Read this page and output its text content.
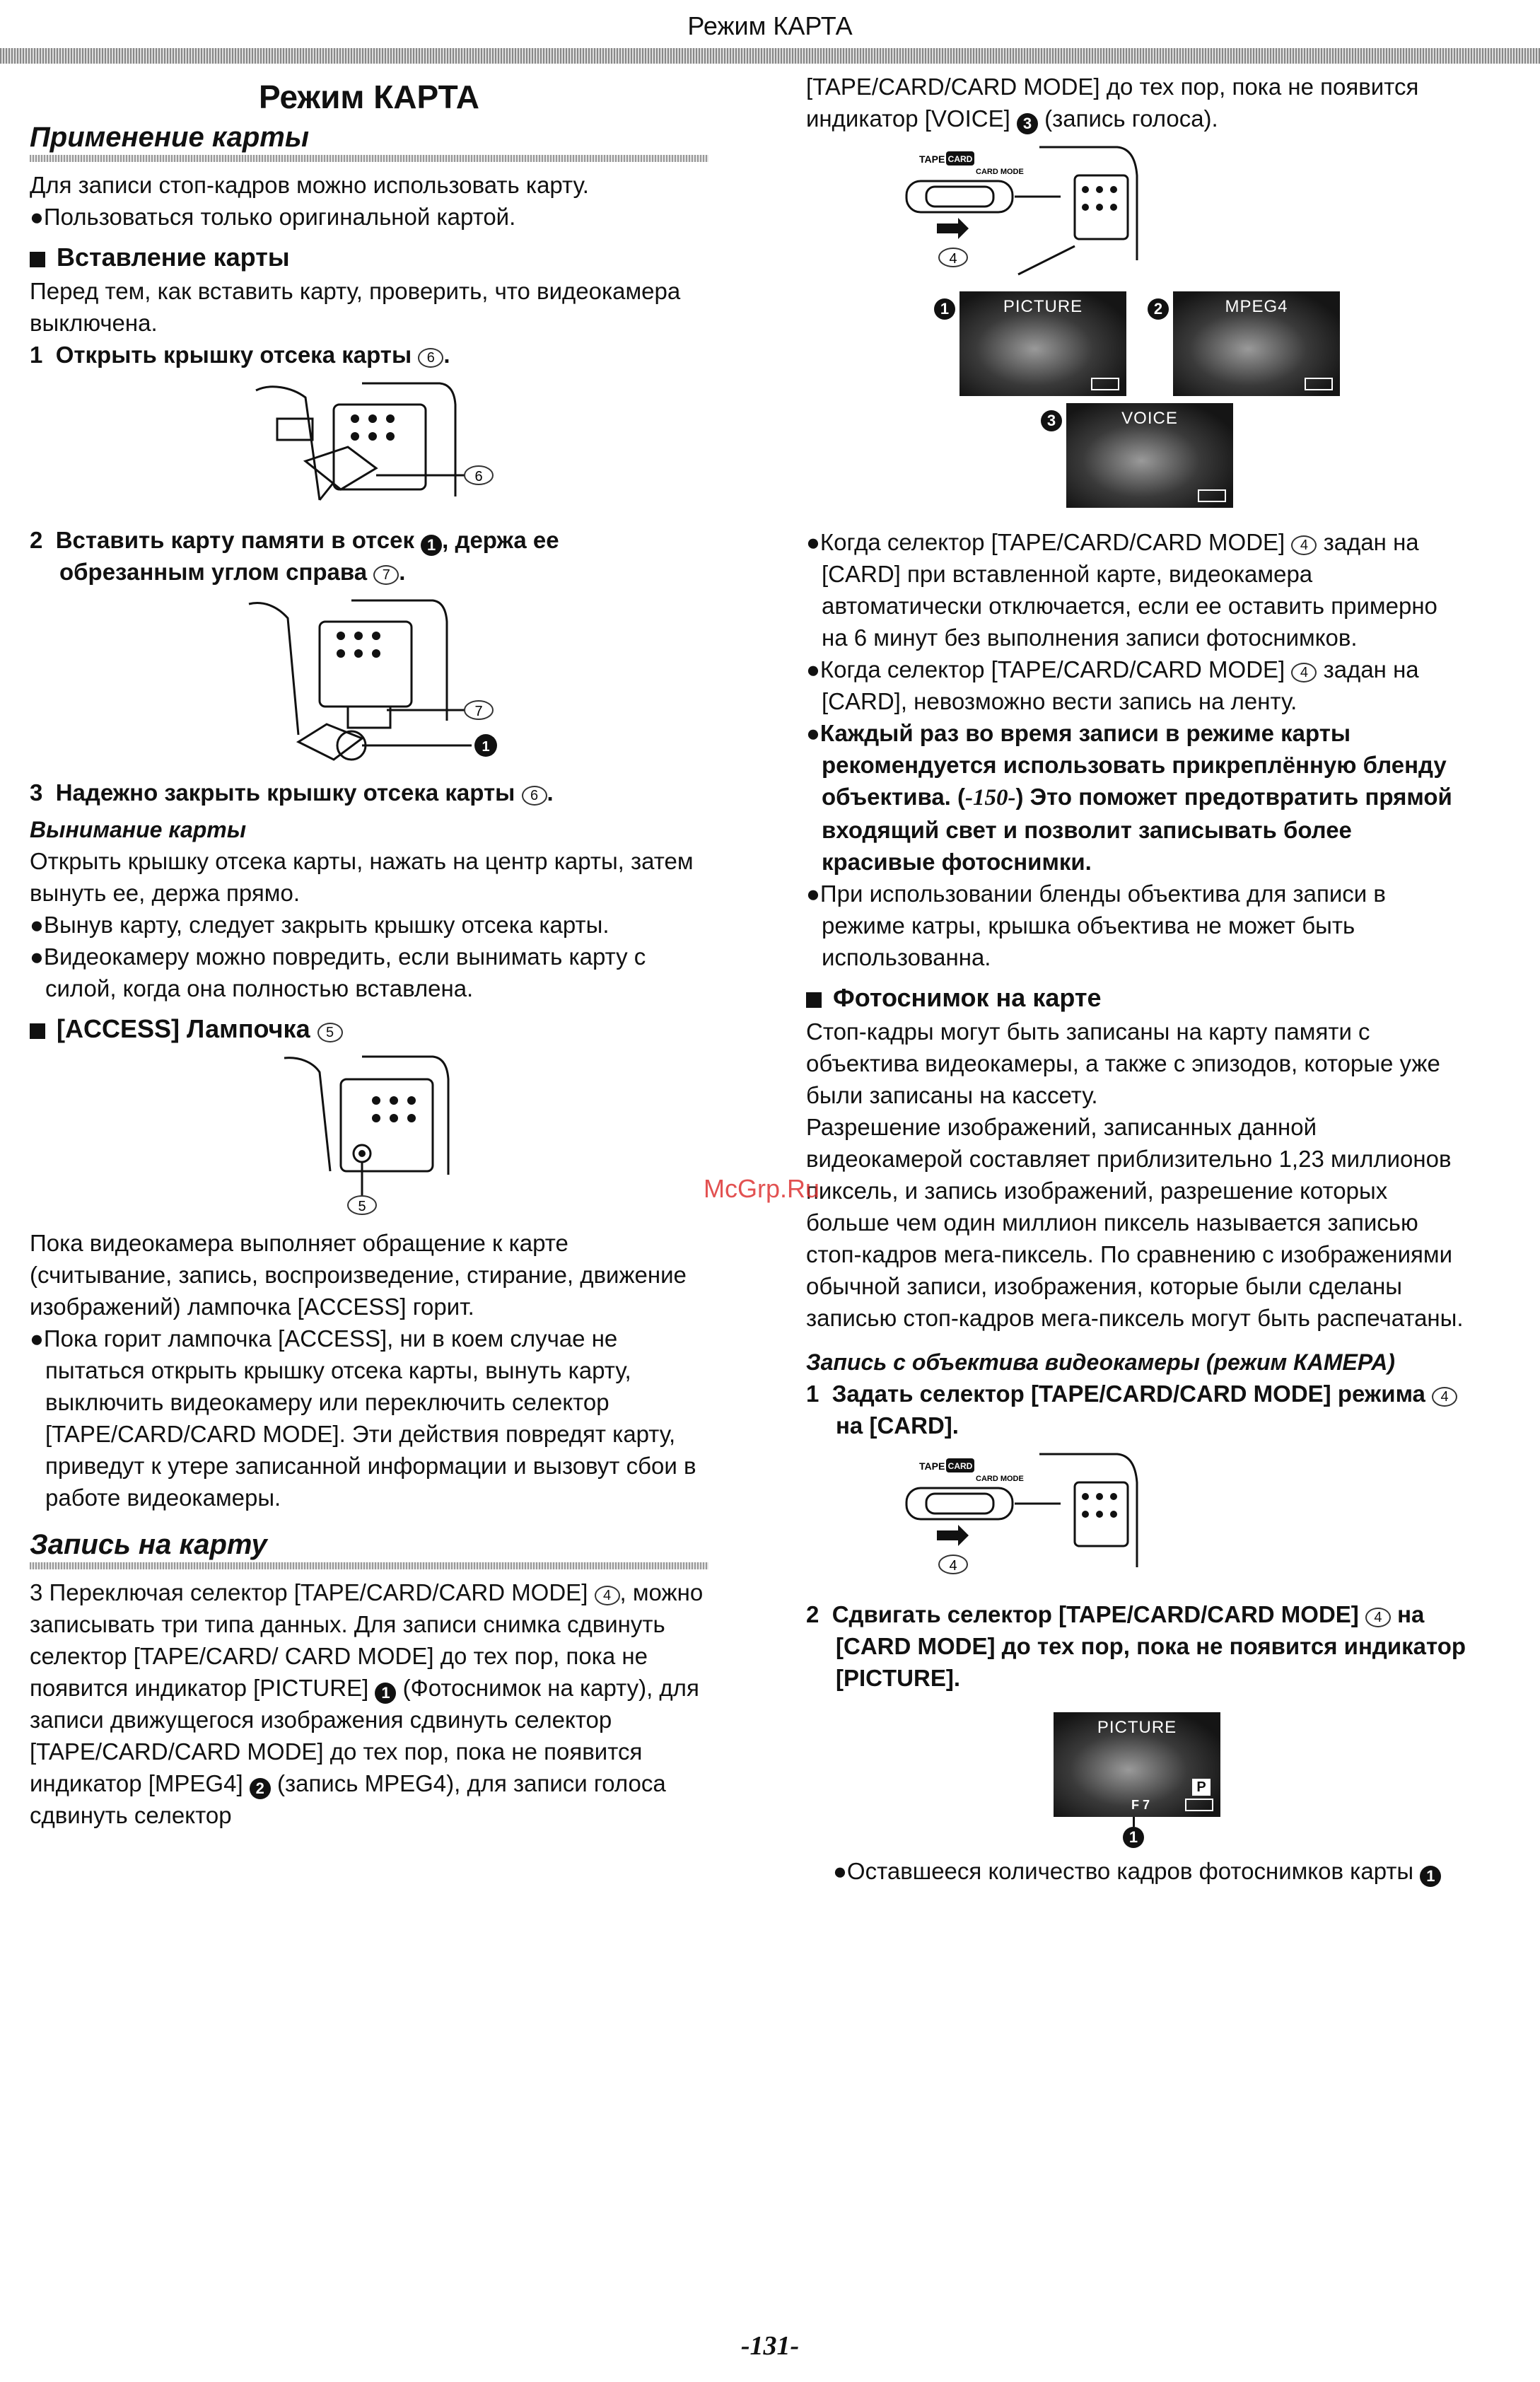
Режим КАРТА
Режим КАРТА
Применение карты

Для записи стоп-кадров можно использовать карту.

●Пользоваться только оригинальной картой.

Вставление карты

Перед тем, как вставить карту, проверить, что видеокамера выключена.

1 Открыть крышку отсека карты 6 .

6

2 Вставить карту памяти в отсек 1 , держа ее обрезанным углом справа 7 .

7
1

3 Надежно закрыть крышку отсека карты 6 .

Вынимание карты

Открыть крышку отсека карты, нажать на центр карты, затем вынуть ее, держа прямо.

●Вынув карту, следует закрыть крышку отсека карты.

●Видеокамеру можно повредить, если вынимать карту с силой, когда она полностью вставлена.

[ACCESS] Лампочка 5
5

Пока видеокамера выполняет обращение к карте (считывание, запись, воспроизведение, стирание, движение изображений) лампочка [ACCESS] горит.

●Пока горит лампочка [ACCESS], ни в коем случае не пытаться открыть крышку отсека карты, вынуть карту, выключить видеокамеру или переключить селектор [TAPE/CARD/CARD MODE]. Эти действия повредят карту, приведут к утере записанной информации и вызовут сбои в работе видеокамеры.

Запись на карту

3 Переключая селектор [TAPE/CARD/CARD MODE] 4 , можно записывать три типа данных. Для записи снимка сдвинуть селектор [TAPE/CARD/ CARD MODE] до тех пор, пока не появится индикатор [PICTURE] 1 (Фотоснимок на карту), для записи движущегося изображения сдвинуть селектор [TAPE/CARD/CARD MODE] до тех пор, пока не появится индикатор [MPEG4] 2 (запись MPEG4), для записи голоса сдвинуть селектор

[TAPE/CARD/CARD MODE] до тех пор, пока не появится индикатор [VOICE] 3 (запись голоса).

TAPE CARD
CARD MODE
4
1	PICTURE	2	MPEG4
3	VOICE

●Когда селектор [TAPE/CARD/CARD MODE] 4 задан на [CARD] при вставленной карте, видеокамера автоматически отключается, если ее оставить примерно на 6 минут без выполнения записи фотоснимков.

●Когда селектор [TAPE/CARD/CARD MODE] 4 задан на [CARD], невозможно вести запись на ленту.

●Каждый раз во время записи в режиме карты рекомендуется использовать прикреплённую бленду объектива. (-150-) Это поможет предотвратить прямой входящий свет и позволит записывать более красивые фотоснимки.

●При использовании бленды объектива для записи в режиме катры, крышка объектива не может быть использованна.

Фотоснимок на карте

Стоп-кадры могут быть записаны на карту памяти с объектива видеокамеры, а также с эпизодов, которые уже были записаны на кассету.

Разрешение изображений, записанных данной видеокамерой составляет приблизительно 1,23 миллионов пиксель, и запись изображений, разрешение которых больше чем один миллион пиксель называется записью стоп-кадров мега-пиксель. По сравнению с изображениями обычной записи, изображения, которые были сделаны записью стоп-кадров мега-пиксель могут быть распечатаны.

Запись с объектива видеокамеры (режим КАМЕРА)

1 Задать селектор [TAPE/CARD/CARD MODE] режима 4 на [CARD].

TAPE CARD
CARD MODE
4

2 Сдвигать селектор [TAPE/CARD/CARD MODE] 4 на [CARD MODE] до тех пор, пока не появится индикатор [PICTURE].

PICTURE
P
F 7
1

●Оставшееся количество кадров фотоснимков карты 1

McGrp.Ru
-131-
